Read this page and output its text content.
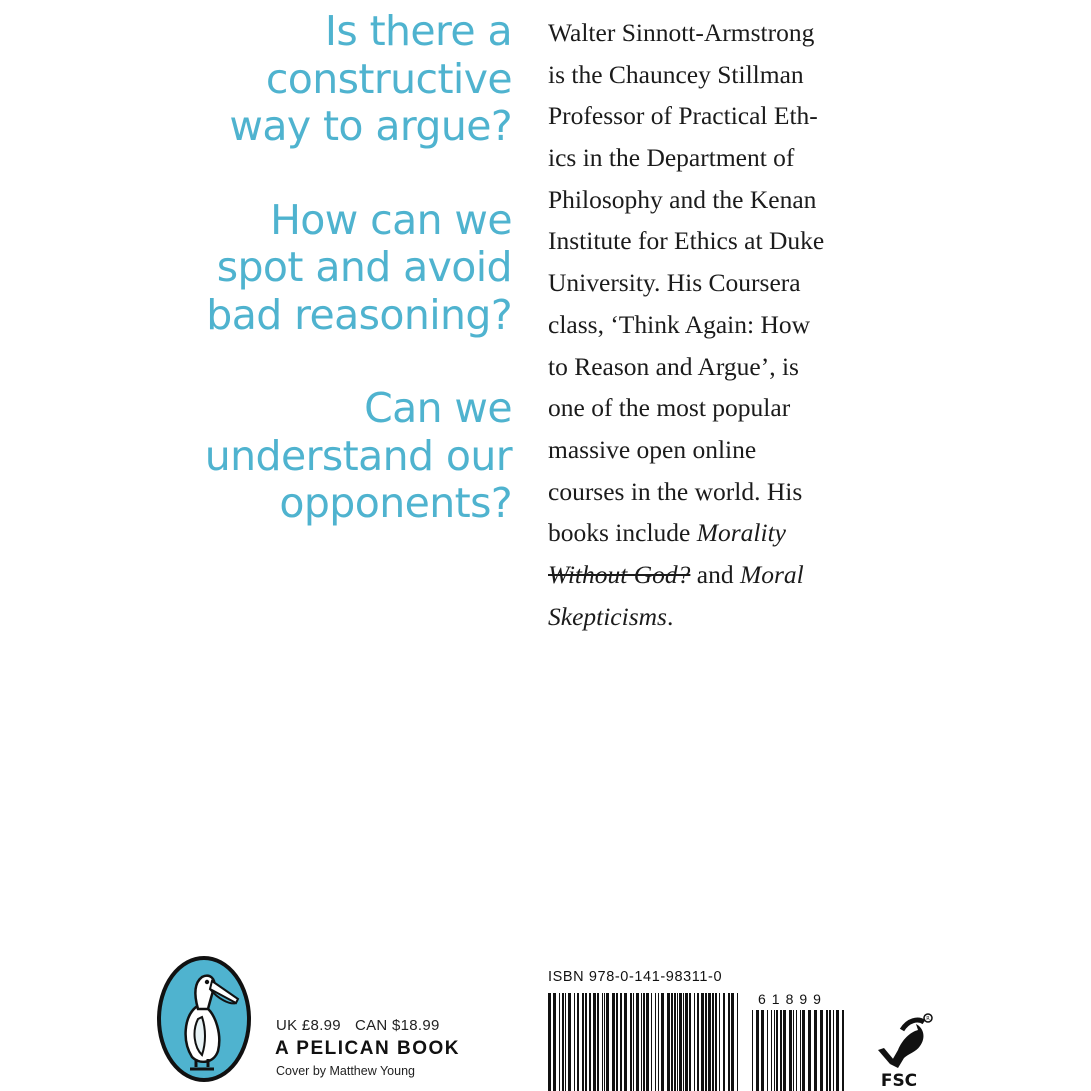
Is there a
constructive
way to argue?

How can we
spot and avoid
bad reasoning?

Can we
understand our
opponents?

Walter Sinnott-Armstrong
is the Chauncey Stillman
Professor of Practical Eth-
ics in the Department of
Philosophy and the Kenan
Institute for Ethics at Duke
University. His Coursera
class, ‘Think Again: How
to Reason and Argue’, is
one of the most popular
massive open online
courses in the world. His
books include Morality
Without God? and Moral
Skepticisms.
UK £8.99 CAN $18.99
A PELICAN BOOK
Cover by Matthew Young
ISBN 978-0-141-98311-0
61899
R
FSC
